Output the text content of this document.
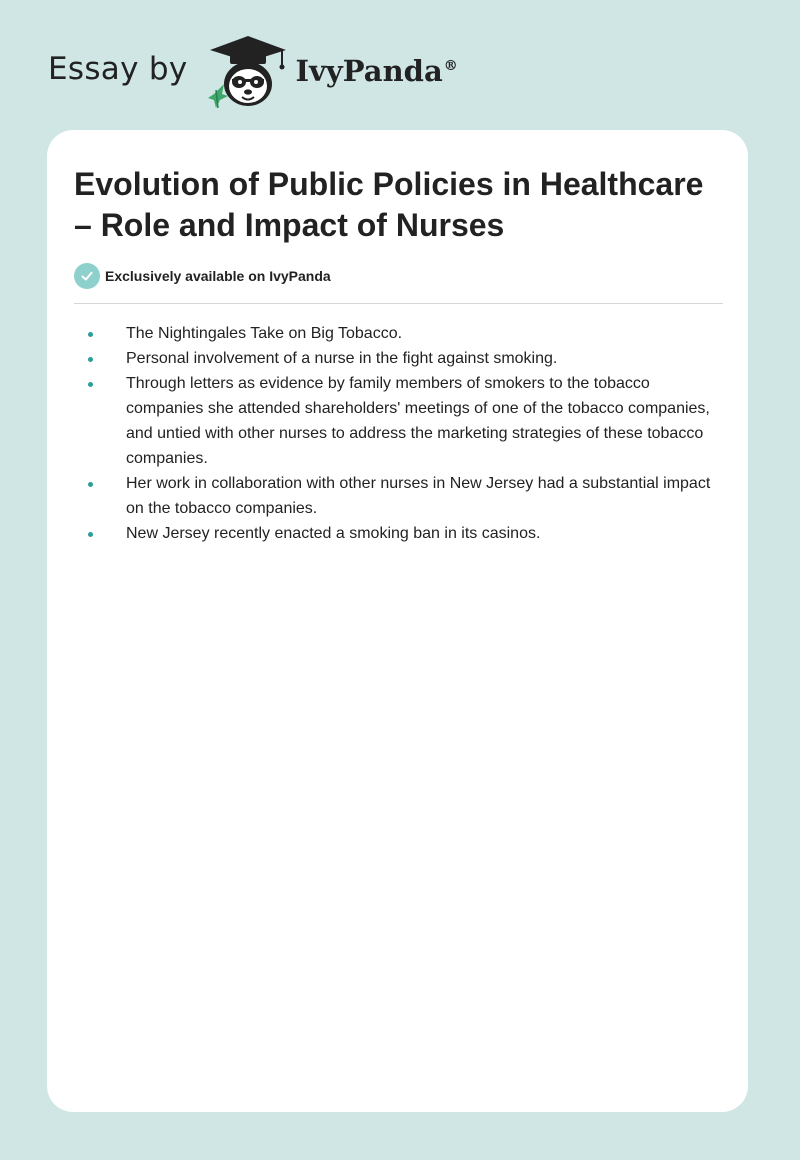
Essay by	IvyPanda®
Evolution of Public Policies in Healthcare – Role and Impact of Nurses
Exclusively available on IvyPanda
The Nightingales Take on Big Tobacco.
Personal involvement of a nurse in the fight against smoking.
Through letters as evidence by family members of smokers to the tobacco companies she attended shareholders' meetings of one of the tobacco companies, and untied with other nurses to address the marketing strategies of these tobacco companies.
Her work in collaboration with other nurses in New Jersey had a substantial impact on the tobacco companies.
New Jersey recently enacted a smoking ban in its casinos.
